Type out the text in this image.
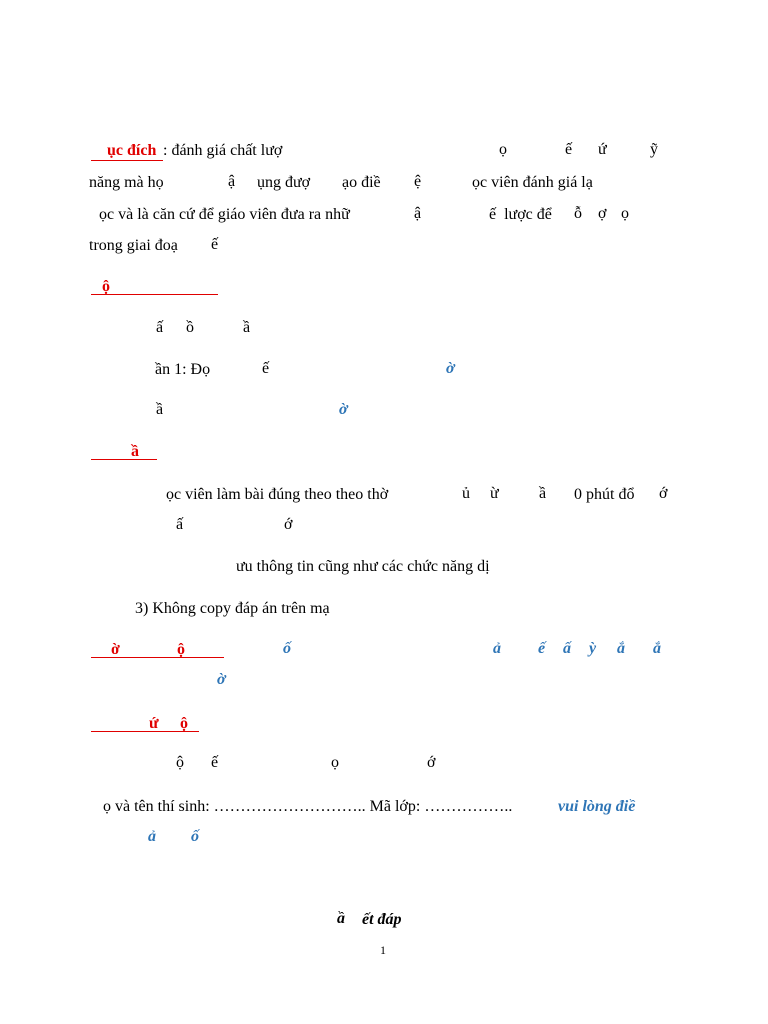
ục đích : đánh giá chất lượ	ọ	ế ứ	ỹ
năng mà họ	ậ ụng đượ ạo điề ệ	ọc viên đánh giá lạ
ọc và là căn cứ để giáo viên đưa ra nhữ	ậ	ế  lược để ỗ ợ ọ
trong giai đoạ ế
ộ
ấ ồ	ầ
ần 1: Đọ	ế	ờ
ầ	ờ
ầ
ọc viên làm bài đúng theo theo thờ	ủ ừ	ầ 0 phút đổ ớ
ấ	ớ
ưu thông tin cũng như các chức năng dị
3) Không copy đáp án trên mạ
ờ	ộ	ố	ả ế ấ ỳ ắ ắ
ờ
ứ ộ
ộ ế	ọ	ớ
ọ và tên thí sinh: ……………………….. Mã lớp: ……………..	vui lòng điề
ả ố
ầ ết đáp
1
